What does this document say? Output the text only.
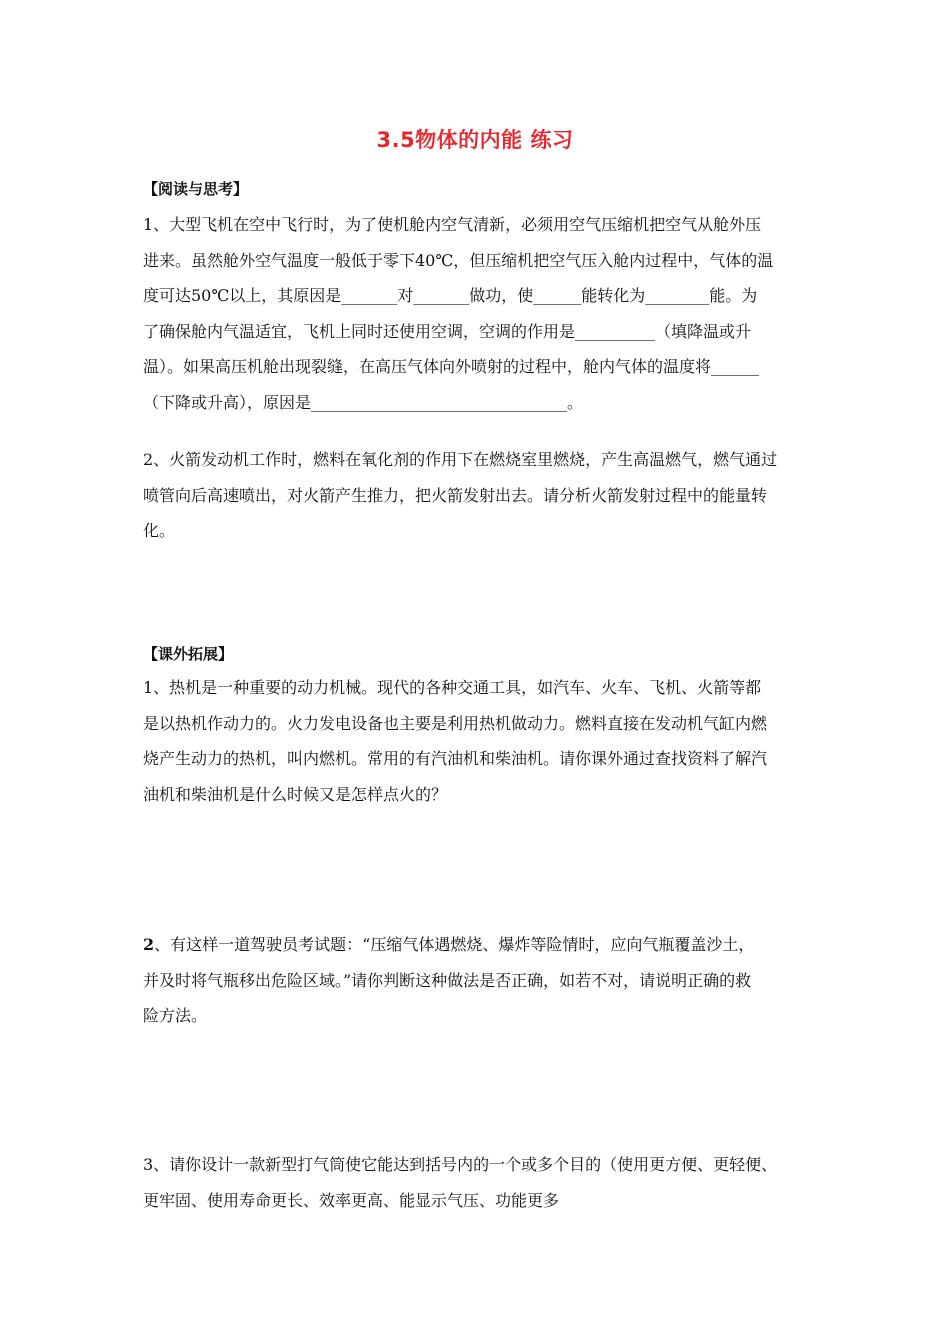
3.5物体的内能 练习
【阅读与思考】
1、大型飞机在空中飞行时，为了使机舱内空气清新，必须用空气压缩机把空气从舱外压
进来。虽然舱外空气温度一般低于零下40℃，但压缩机把空气压入舱内过程中，气体的温
度可达50℃以上，其原因是_______对_______做功，使______能转化为________能。为
了确保舱内气温适宜，飞机上同时还使用空调，空调的作用是__________（填降温或升
温）。如果高压机舱出现裂缝，在高压气体向外喷射的过程中，舱内气体的温度将______
（下降或升高），原因是________________________________。
2、火箭发动机工作时，燃料在氧化剂的作用下在燃烧室里燃烧，产生高温燃气，燃气通过
喷管向后高速喷出，对火箭产生推力，把火箭发射出去。请分析火箭发射过程中的能量转
化。
【课外拓展】
1、热机是一种重要的动力机械。现代的各种交通工具，如汽车、火车、飞机、火箭等都
是以热机作动力的。火力发电设备也主要是利用热机做动力。燃料直接在发动机气缸内燃
烧产生动力的热机，叫内燃机。常用的有汽油机和柴油机。请你课外通过查找资料了解汽
油机和柴油机是什么时候又是怎样点火的？
2、有这样一道驾驶员考试题：“压缩气体遇燃烧、爆炸等险情时，应向气瓶覆盖沙土，
并及时将气瓶移出危险区域。”请你判断这种做法是否正确，如若不对，请说明正确的救
险方法。
3、请你设计一款新型打气筒使它能达到括号内的一个或多个目的（使用更方便、更轻便、
更牢固、使用寿命更长、效率更高、能显示气压、功能更多
